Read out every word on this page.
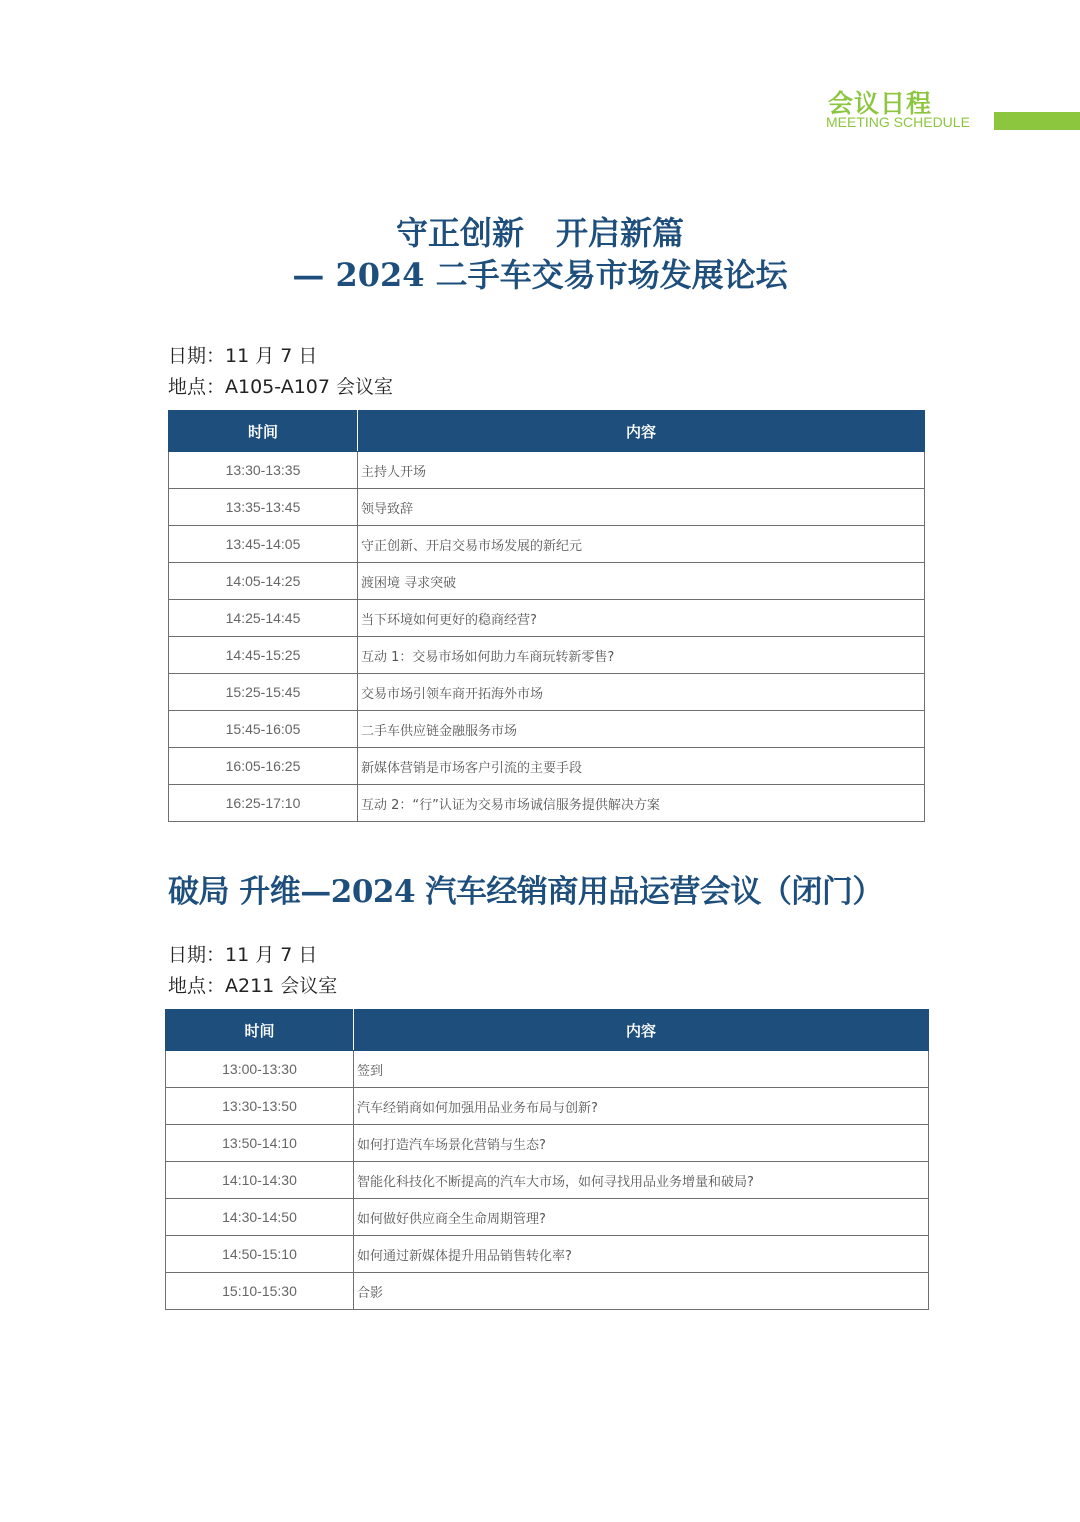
会议日程
MEETING SCHEDULE
守正创新　开启新篇
— 2024 二手车交易市场发展论坛
日期：11 月 7 日
地点：A105-A107 会议室
时间	内容
13:30-13:35	主持人开场
13:35-13:45	领导致辞
13:45-14:05	守正创新、开启交易市场发展的新纪元
14:05-14:25	渡困境 寻求突破
14:25-14:45	当下环境如何更好的稳商经营?
14:45-15:25	互动 1：交易市场如何助力车商玩转新零售?
15:25-15:45	交易市场引领车商开拓海外市场
15:45-16:05	二手车供应链金融服务市场
16:05-16:25	新媒体营销是市场客户引流的主要手段
16:25-17:10	互动 2：“行”认证为交易市场诚信服务提供解决方案
破局 升维—2024 汽车经销商用品运营会议（闭门）
日期：11 月 7 日
地点：A211 会议室
时间	内容
13:00-13:30	签到
13:30-13:50	汽车经销商如何加强用品业务布局与创新?
13:50-14:10	如何打造汽车场景化营销与生态?
14:10-14:30	智能化科技化不断提高的汽车大市场，如何寻找用品业务增量和破局?
14:30-14:50	如何做好供应商全生命周期管理?
14:50-15:10	如何通过新媒体提升用品销售转化率?
15:10-15:30	合影
